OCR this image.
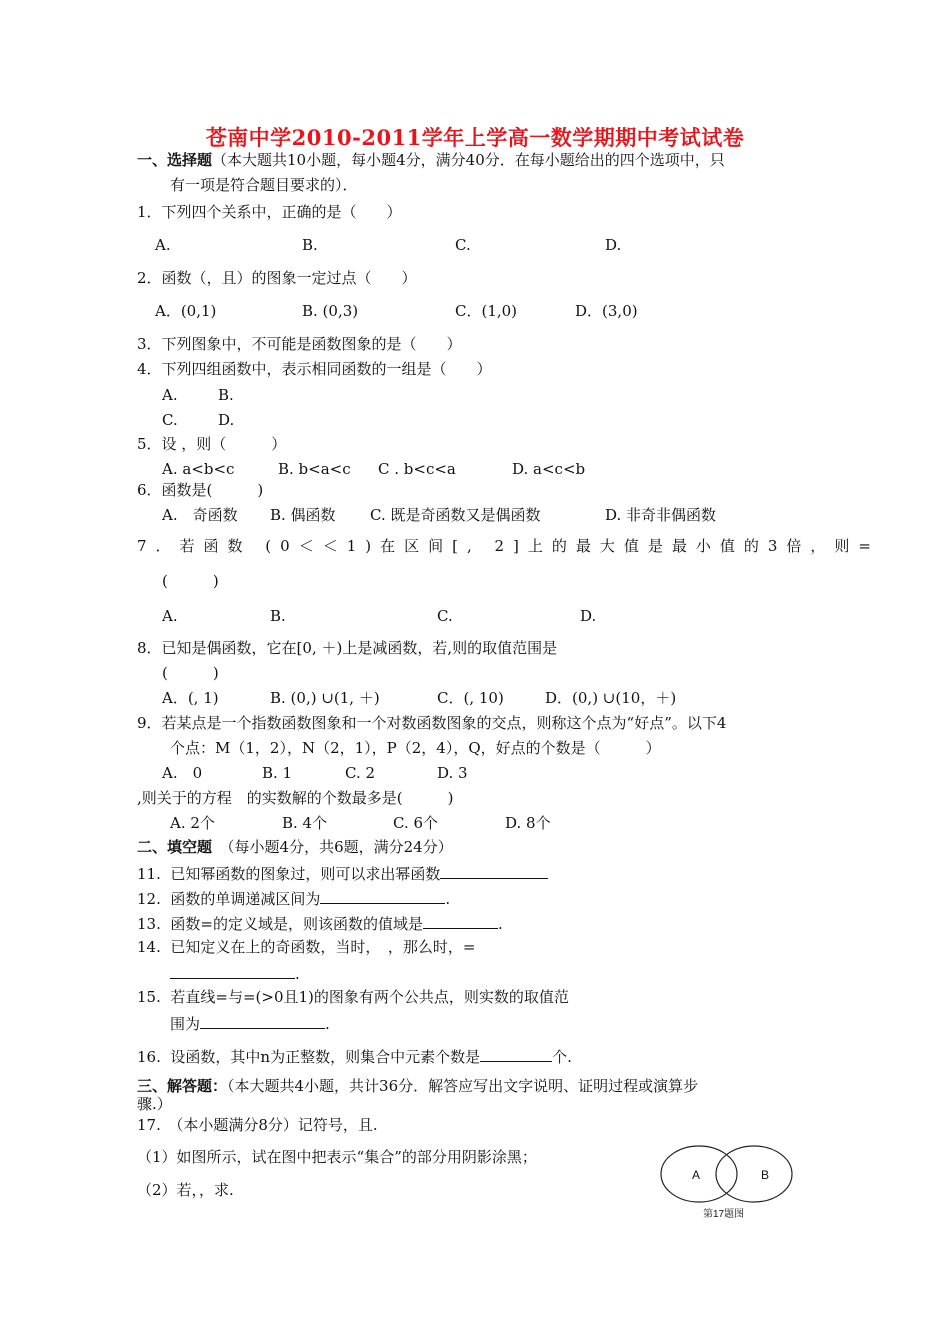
苍南中学2010-2011学年上学高一数学期期中考试试卷
一、选择题（本大题共10小题，每小题4分，满分40分．在每小题给出的四个选项中，只
有一项是符合题目要求的）．
1．下列四个关系中，正确的是（　　）
A.	B.	C.	D.
2．函数（，且）的图象一定过点（　　）
A．(0,1)	B. (0,3)	C．(1,0)	D．(3,0)
3．下列图象中，不可能是函数图象的是（　　）
4．下列四组函数中，表示相同函数的一组是（　　）
A.	B.
C.	D.
5．设 ，则（　　　）
A. a<b<c	B. b<a<c C . b<c<a	D. a<c<b
6．函数是(　　　)
A.　奇函数 B. 偶函数 C. 既是奇函数又是偶函数	D. 非奇非偶函数
7．若函数 (0＜＜1)在区间[, 2]上的最大值是最小值的3倍，则=
(　　　)
A.	B.	C.	D.
8．已知是偶函数，它在[0, ＋)上是减函数，若,则的取值范围是
(　　　)
A．(, 1)	B. (0,) ∪(1, ＋)	C．(, 10)	D．(0,) ∪(10，＋)
9．若某点是一个指数函数图象和一个对数函数图象的交点，则称这个点为“好点”。以下4
个点：M（1，2），N（2，1），P（2，4），Q，好点的个数是（　　　）
A.　0	B. 1	C. 2	D. 3
,则关于的方程　的实数解的个数最多是(　　　)
A. 2个	B. 4个	C. 6个	D. 8个
二、填空题　 （每小题4分，共6题，满分24分）
11. 已知幂函数的图象过，则可以求出幂函数
12. 函数的单调递减区间为	.
13. 函数=的定义域是，则该函数的值域是	.
14. 已知定义在上的奇函数，当时，　，那么时，=
.
15. 若直线=与=(>0且1)的图象有两个公共点，则实数的取值范
围为	.
16. 设函数，其中n为正整数，则集合中元素个数是	个.
三、解答题：（本大题共4小题，共计36分．解答应写出文字说明、证明过程或演算步
骤.）
17.　（本小题满分8分）记符号，且.
（1）如图所示，试在图中把表示“集合”的部分用阴影涂黑；
（2）若，，求.
A	B
第17题图
